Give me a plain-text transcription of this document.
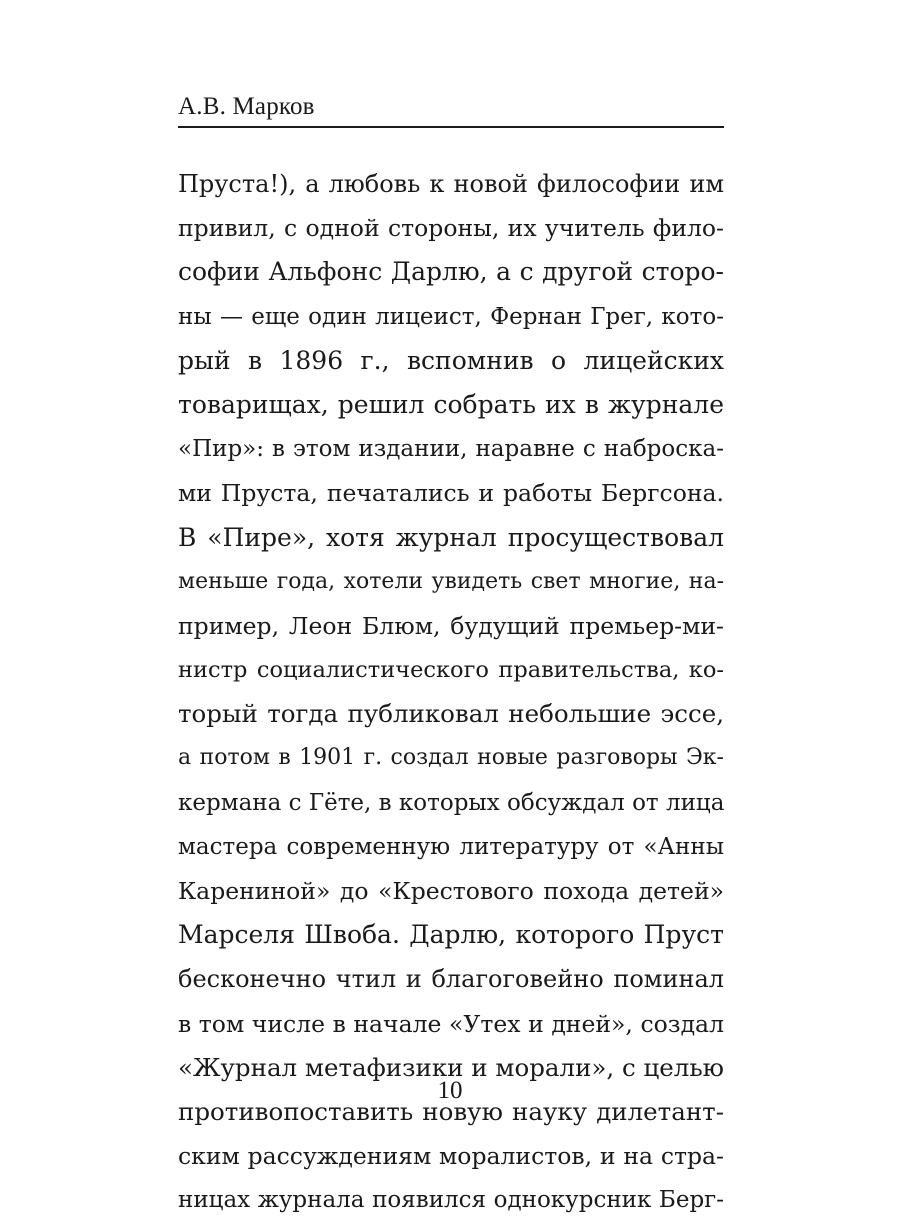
А.В. Марков
Пруста!), а любовь к новой философии им
привил, с одной стороны, их учитель фило-
софии Альфонс Дарлю, а с другой сторо-
ны — еще один лицеист, Фернан Грег, кото-
рый в 1896 г., вспомнив о лицейских
товарищах, решил собрать их в журнале
«Пир»: в этом издании, наравне с наброска-
ми Пруста, печатались и работы Бергсона.
В «Пире», хотя журнал просуществовал
меньше года, хотели увидеть свет многие, на-
пример, Леон Блюм, будущий премьер-ми-
нистр социалистического правительства, ко-
торый тогда публиковал небольшие эссе,
а потом в 1901 г. создал новые разговоры Эк-
кермана с Гёте, в которых обсуждал от лица
мастера современную литературу от «Анны
Карениной» до «Крестового похода детей»
Марселя Швоба. Дарлю, которого Пруст
бесконечно чтил и благоговейно поминал
в том числе в начале «Утех и дней», создал
«Журнал метафизики и морали», с целью
противопоставить новую науку дилетант-
ским рассуждениям моралистов, и на стра-
ницах журнала появился однокурсник Берг-
10
